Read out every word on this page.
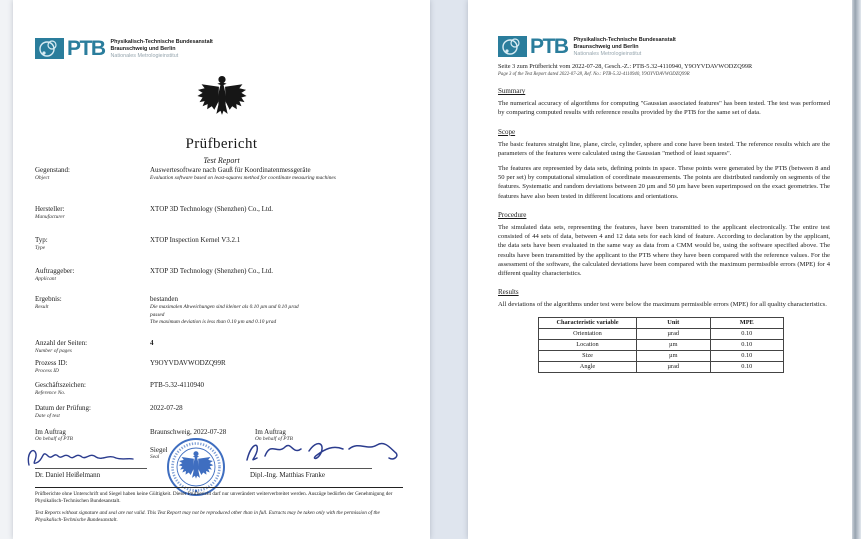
PTB Physikalisch-Technische Bundesanstalt
Braunschweig und Berlin
Nationales Metrologieinstitut
Prüfbericht
Test Report
Gegenstand:
Object
Auswertesoftware nach Gauß für Koordinatenmessgeräte
Evaluation software based on least-squares method for coordinate measuring machines
Hersteller:
Manufacturer
XTOP 3D Technology (Shenzhen) Co., Ltd.
Typ:
Type
XTOP Inspection Kernel V3.2.1
Auftraggeber:
Applicant
XTOP 3D Technology (Shenzhen) Co., Ltd.
Ergebnis:
Result
bestanden
Die maximalen Abweichungen sind kleiner als 0.10 µm und 0.10 µrad
passed
The maximum deviation is less than 0.10 µm and 0.10 µrad
Anzahl der Seiten:
Number of pages
4
Prozess ID:
Process ID
Y9OYVDAVWODZQ99R
Geschäftszeichen:
Reference No.
PTB-5.32-4110940
Datum der Prüfung:
Date of test
2022-07-28
Im Auftrag
On behalf of PTB
Braunschweig, 2022-07-28	Im Auftrag
On behalf of PTB
Siegel
Seal
Dr. Daniel Heißelmann	Dipl.-Ing. Matthias Franke
Prüfberichte ohne Unterschrift und Siegel haben keine Gültigkeit. Dieser Prüfbericht darf nur unverändert weiterverbreitet werden. Auszüge bedürfen der Genehmigung der Physikalisch-Technischen Bundesanstalt.
Test Reports without signature and seal are not valid. This Test Report may not be reproduced other than in full. Extracts may be taken only with the permission of the Physikalisch-Technische Bundesanstalt.
PTB Physikalisch-Technische Bundesanstalt
Braunschweig und Berlin
Nationales Metrologieinstitut
Seite 3 zum Prüfbericht vom 2022-07-28, Gesch.-Z.: PTB-5.32-4110940, Y9OYVDAVWODZQ99R
Page 3 of the Test Report dated 2022-07-28, Ref. No.: PTB-5.32-4110940, Y9OYVDAVWODZQ99R
Summary

The numerical accuracy of algorithms for computing "Gaussian associated features" has been tested. The test was performed by comparing computed results with reference results provided by the PTB for the same set of data.

Scope

The basic features straight line, plane, circle, cylinder, sphere and cone have been tested. The reference results which are the parameters of the features were calculated using the Gaussian "method of least squares".

The features are represented by data sets, defining points in space. These points were generated by the PTB (between 8 and 50 per set) by computational simulation of coordinate measurements. The points are distributed randomly on segments of the features. Systematic and random deviations between 20 µm and 50 µm have been superimposed on the exact geometries. The features have also been tested in different locations and orientations.

Procedure

The simulated data sets, representing the features, have been transmitted to the applicant electronically. The entire test consisted of 44 sets of data, between 4 and 12 data sets for each kind of feature. According to declaration by the applicant, the data sets have been evaluated in the same way as data from a CMM would be, using the software specified above. The results have been transmitted by the applicant to the PTB where they have been compared with the reference values. For the assessment of the software, the calculated deviations have been compared with the maximum permissible errors (MPE) for 4 different quality characteristics.

Results

All deviations of the algorithms under test were below the maximum permissible errors (MPE) for all quality characteristics.

Characteristic variable	Unit	MPE
Orientation	µrad	0.10
Location	µm	0.10
Size	µm	0.10
Angle	µrad	0.10
